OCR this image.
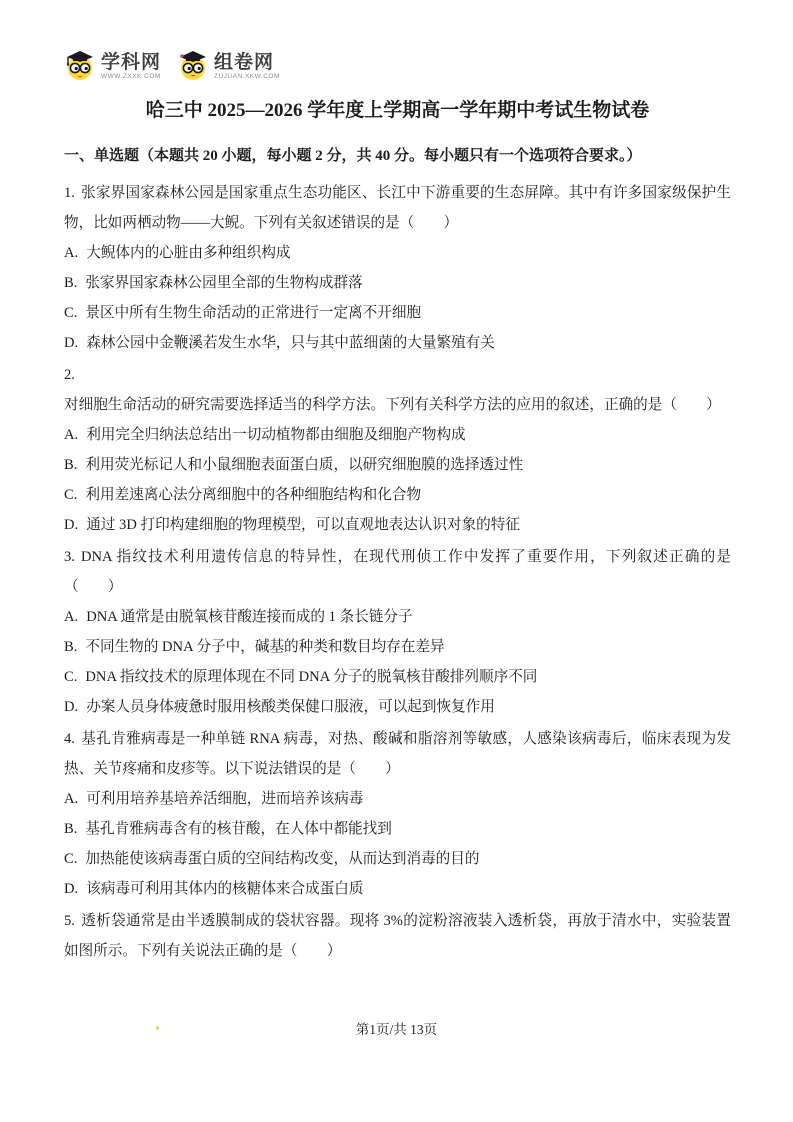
学科网
WWW.ZXXK.COM
组卷网
ZUJUAN.XKW.COM
哈三中 2025—2026 学年度上学期高一学年期中考试生物试卷
一、单选题（本题共 20 小题，每小题 2 分，共 40 分。每小题只有一个选项符合要求。）

1. 张家界国家森林公园是国家重点生态功能区、长江中下游重要的生态屏障。其中有许多国家级保护生物，比如两栖动物——大鲵。下列有关叙述错误的是（　　）

A. 大鲵体内的心脏由多种组织构成

B. 张家界国家森林公园里全部的生物构成群落

C. 景区中所有生物生命活动的正常进行一定离不开细胞

D. 森林公园中金鞭溪若发生水华，只与其中蓝细菌的大量繁殖有关

2.对细胞生命活动的研究需要选择适当的科学方法。下列有关科学方法的应用的叙述，正确的是（　　）

A. 利用完全归纳法总结出一切动植物都由细胞及细胞产物构成

B. 利用荧光标记人和小鼠细胞表面蛋白质，以研究细胞膜的选择透过性

C. 利用差速离心法分离细胞中的各种细胞结构和化合物

D. 通过 3D 打印构建细胞的物理模型，可以直观地表达认识对象的特征

3. DNA 指纹技术利用遗传信息的特异性，在现代刑侦工作中发挥了重要作用，下列叙述正确的是（　　）

A. DNA 通常是由脱氧核苷酸连接而成的 1 条长链分子

B. 不同生物的 DNA 分子中，碱基的种类和数目均存在差异

C. DNA 指纹技术的原理体现在不同 DNA 分子的脱氧核苷酸排列顺序不同

D. 办案人员身体疲惫时服用核酸类保健口服液，可以起到恢复作用

4. 基孔肯雅病毒是一种单链 RNA 病毒，对热、酸碱和脂溶剂等敏感，人感染该病毒后，临床表现为发热、关节疼痛和皮疹等。以下说法错误的是（　　）

A. 可利用培养基培养活细胞，进而培养该病毒

B. 基孔肯雅病毒含有的核苷酸，在人体中都能找到

C. 加热能使该病毒蛋白质的空间结构改变，从而达到消毒的目的

D. 该病毒可利用其体内的核糖体来合成蛋白质

5. 透析袋通常是由半透膜制成的袋状容器。现将 3%的淀粉溶液装入透析袋，再放于清水中，实验装置如图所示。下列有关说法正确的是（　　）

第1页/共 13页
